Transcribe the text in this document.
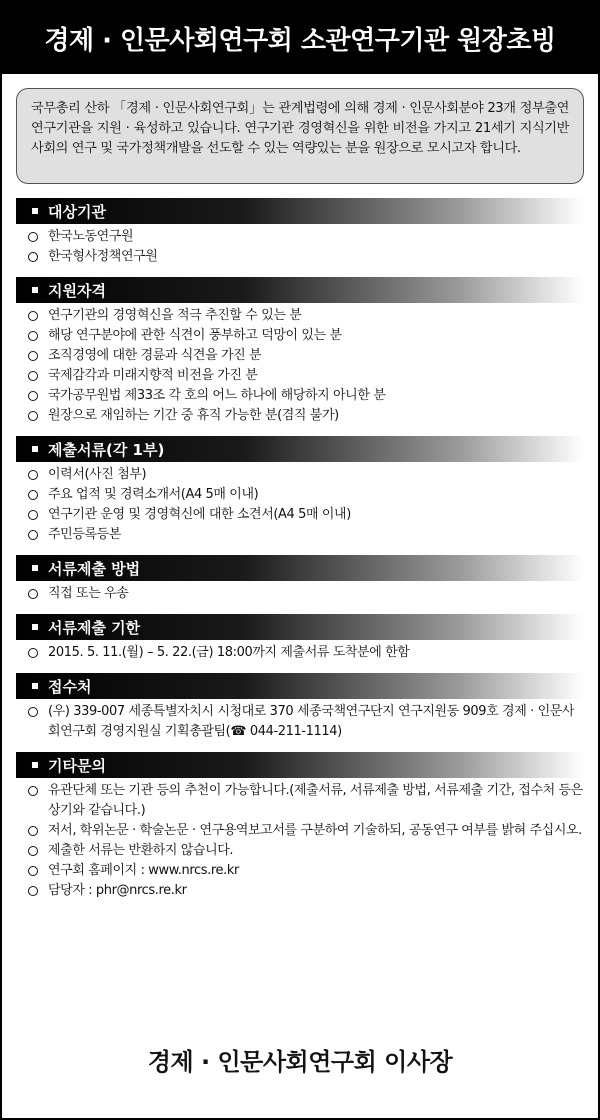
경제 · 인문사회연구회 소관연구기관 원장초빙
국무총리 산하 「경제 · 인문사회연구회」는 관계법령에 의해 경제 · 인문사회분야 23개 정부출연연구기관을 지원 · 육성하고 있습니다. 연구기관 경영혁신을 위한 비전을 가지고 21세기 지식기반사회의 연구 및 국가정책개발을 선도할 수 있는 역량있는 분을 원장으로 모시고자 합니다.
대상기관
한국노동연구원
한국형사정책연구원
지원자격
연구기관의 경영혁신을 적극 추진할 수 있는 분
해당 연구분야에 관한 식견이 풍부하고 덕망이 있는 분
조직경영에 대한 경륜과 식견을 가진 분
국제감각과 미래지향적 비전을 가진 분
국가공무원법 제33조 각 호의 어느 하나에 해당하지 아니한 분
원장으로 재임하는 기간 중 휴직 가능한 분(겸직 불가)
제출서류(각 1부)
이력서(사진 첨부)
주요 업적 및 경력소개서(A4 5매 이내)
연구기관 운영 및 경영혁신에 대한 소견서(A4 5매 이내)
주민등록등본
서류제출 방법
직접 또는 우송
서류제출 기한
2015. 5. 11.(월) – 5. 22.(금) 18:00까지 제출서류 도착분에 한함
접수처
(우) 339-007 세종특별자치시 시청대로 370 세종국책연구단지 연구지원동 909호 경제 · 인문사회연구회 경영지원실 기획총괄팀(☎ 044-211-1114)
기타문의
유관단체 또는 기관 등의 추천이 가능합니다.(제출서류, 서류제출 방법, 서류제출 기간, 접수처 등은 상기와 같습니다.)
저서, 학위논문 · 학술논문 · 연구용역보고서를 구분하여 기술하되, 공동연구 여부를 밝혀 주십시오.
제출한 서류는 반환하지 않습니다.
연구회 홈페이지 : www.nrcs.re.kr
담당자 : phr@nrcs.re.kr
경제 · 인문사회연구회 이사장
